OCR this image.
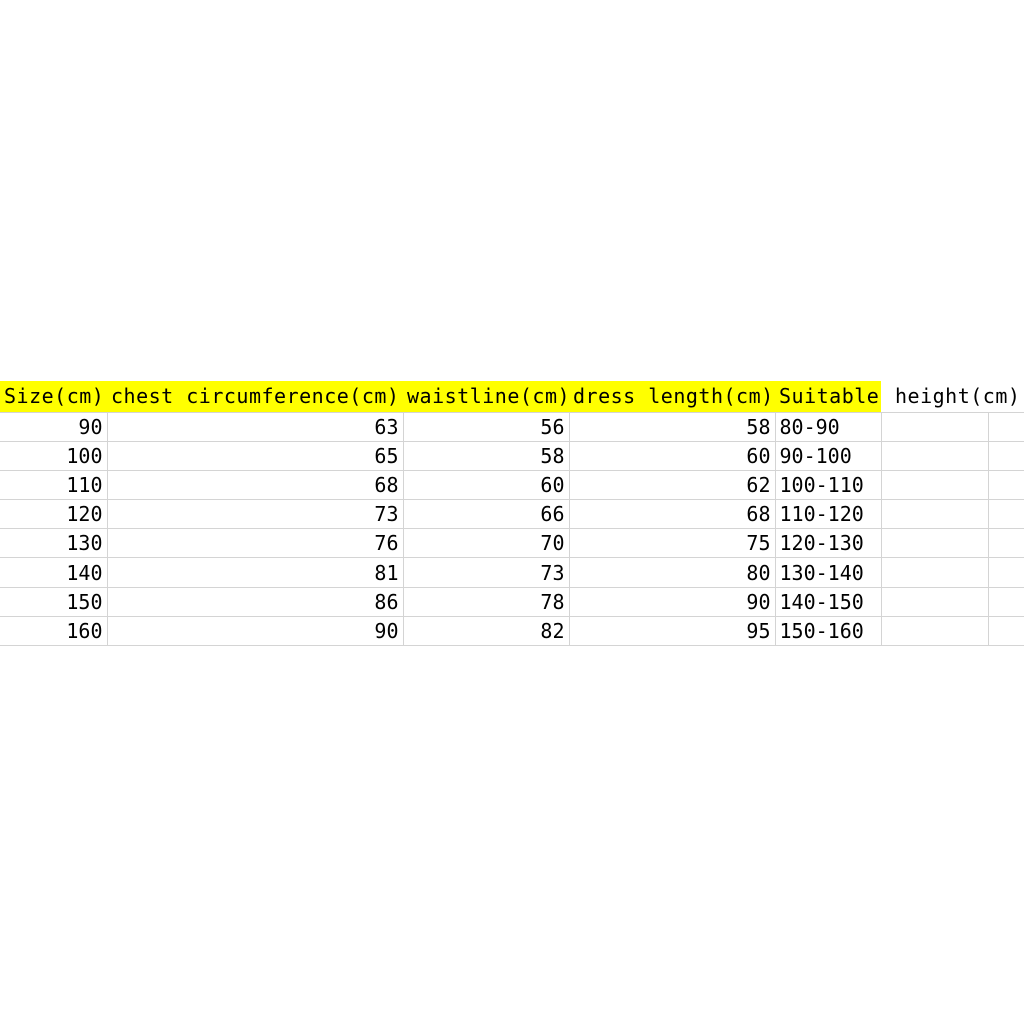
Size(cm)	chest circumference(cm)	waistline(cm)	dress length(cm)	Suitable	height(cm)	
90	63	56	58	80-90		
100	65	58	60	90-100		
110	68	60	62	100-110		
120	73	66	68	110-120		
130	76	70	75	120-130		
140	81	73	80	130-140		
150	86	78	90	140-150		
160	90	82	95	150-160		
